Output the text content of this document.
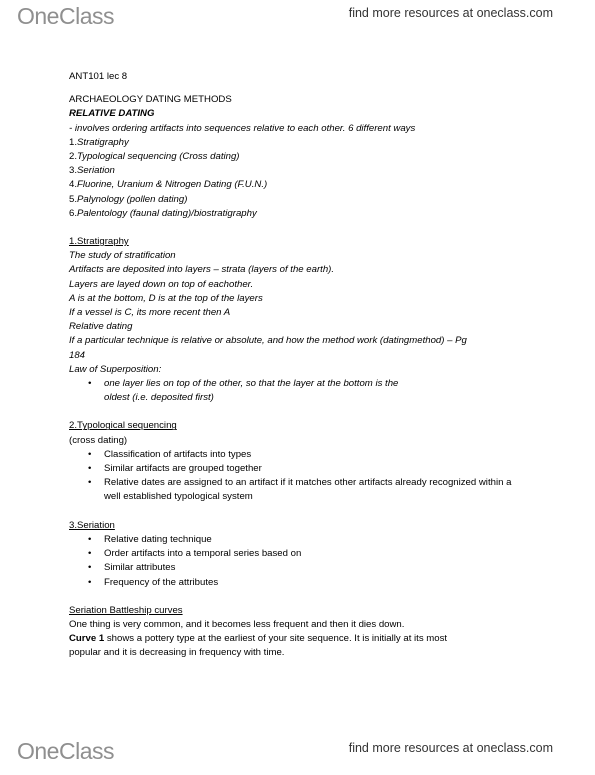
OneClass	find more resources at oneclass.com
ANT101 lec 8
ARCHAEOLOGY DATING METHODS
RELATIVE DATING
- involves ordering artifacts into sequences relative to each other. 6 different ways
1.Stratigraphy
2.Typological sequencing (Cross dating)
3.Seriation
4.Fluorine, Uranium & Nitrogen Dating (F.U.N.)
5.Palynology (pollen dating)
6.Palentology (faunal dating)/biostratigraphy
1.Stratigraphy
The study of stratification
Artifacts are deposited into layers – strata (layers of the earth).
Layers are layed down on top of eachother.
A is at the bottom, D is at the top of the layers
If a vessel is C, its more recent then A
Relative dating
If a particular technique is relative or absolute, and how the method work (datingmethod) – Pg
184
Law of Superposition:
• one layer lies on top of the other, so that the layer at the bottom is the oldest (i.e. deposited first)
2.Typological sequencing
(cross dating)
• Classification of artifacts into types
• Similar artifacts are grouped together
• Relative dates are assigned to an artifact if it matches other artifacts already recognized within a well established typological system
3.Seriation
• Relative dating technique
• Order artifacts into a temporal series based on
• Similar attributes
• Frequency of the attributes
Seriation Battleship curves
One thing is very common, and it becomes less frequent and then it dies down.
Curve 1 shows a pottery type at the earliest of your site sequence. It is initially at its most
popular and it is decreasing in frequency with time.
OneClass	find more resources at oneclass.com
